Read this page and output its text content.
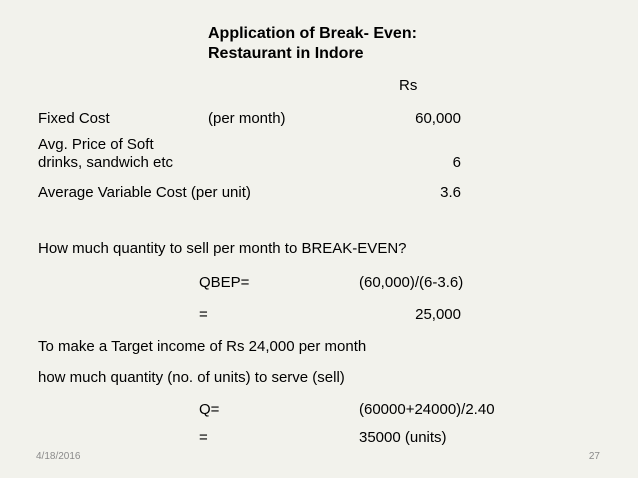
Application of Break- Even:
Restaurant in Indore
Rs
Fixed Cost	(per month)	60,000
Avg. Price of Soft
drinks, sandwich etc	6
Average Variable Cost (per unit)	3.6
How much quantity to sell per month to BREAK-EVEN?
QBEP=	(60,000)/(6-3.6)
=	25,000
To make a Target income of Rs 24,000 per month
how much quantity (no. of units) to serve (sell)
Q=	(60000+24000)/2.40
=	35000 (units)
4/18/2016	27
